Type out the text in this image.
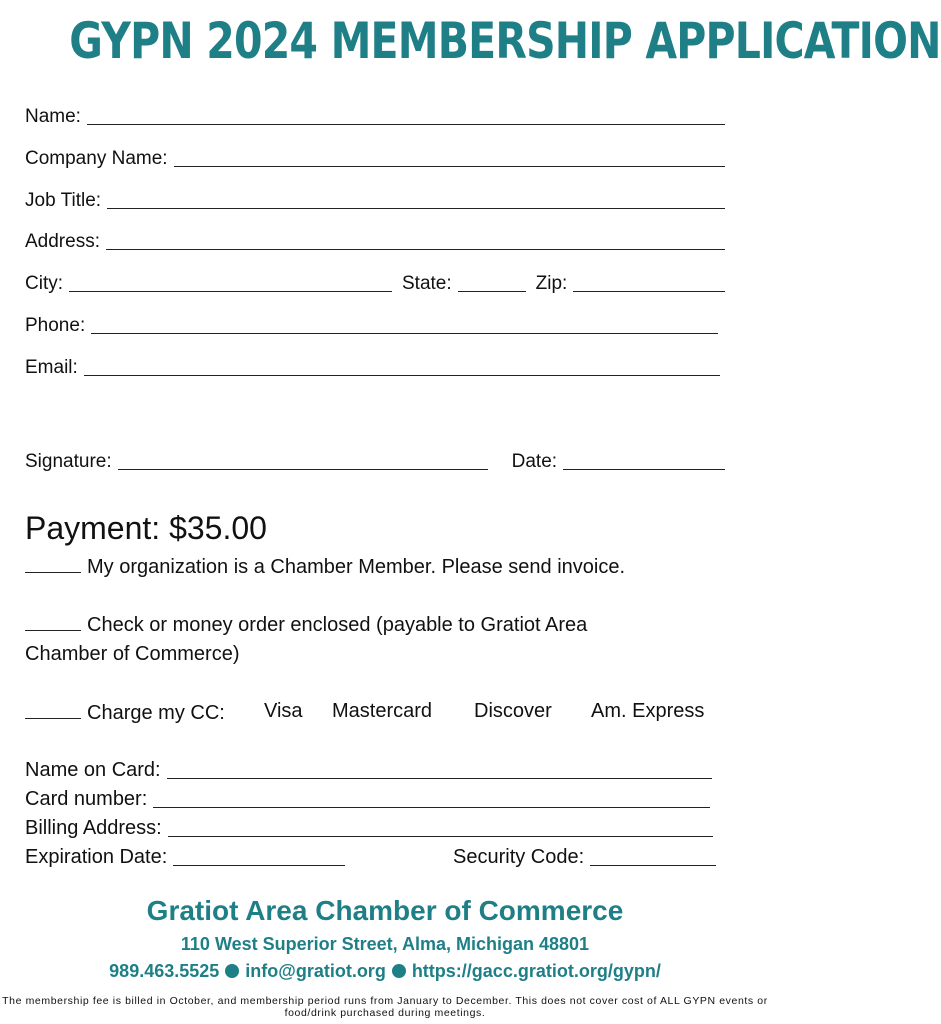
GYPN 2024 MEMBERSHIP APPLICATION
Name:
Company Name:
Job Title:
Address:
City:	State:	Zip:
Phone:
Email:
Signature:	Date:
Payment: $35.00
My organization is a Chamber Member. Please send invoice.
Check or money order enclosed (payable to Gratiot Area Chamber of Commerce)
Charge my CC:	Visa Mastercard Discover Am. Express
Name on Card:
Card number:
Billing Address:
Expiration Date:	Security Code:
Gratiot Area Chamber of Commerce
110 West Superior Street, Alma, Michigan 48801
989.463.5525 info@gratiot.org https://gacc.gratiot.org/gypn/
The membership fee is billed in October, and membership period runs from January to December. This does not cover cost of ALL GYPN events or food/drink purchased during meetings.
